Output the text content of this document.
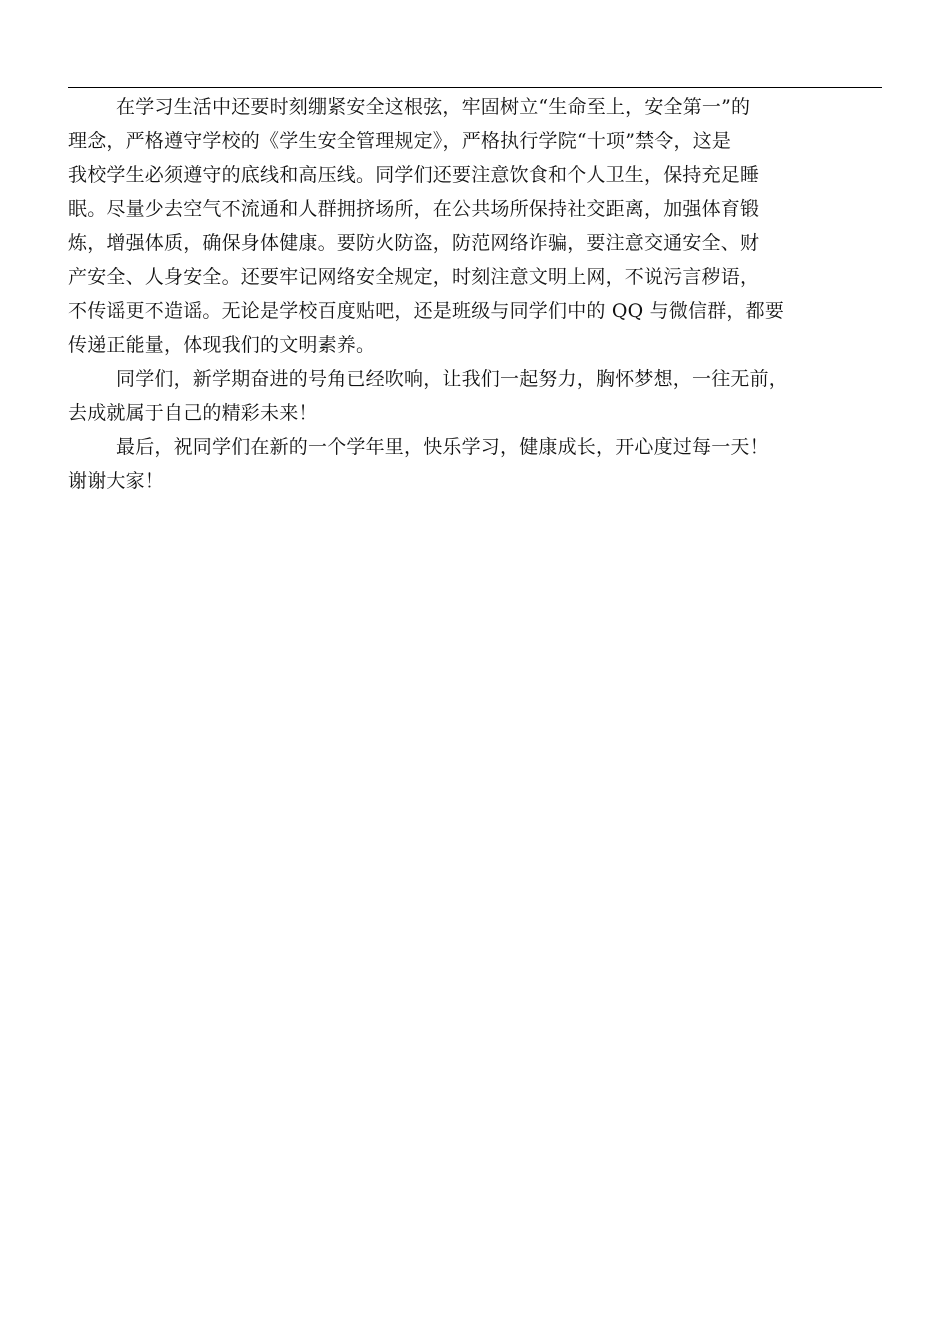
在学习生活中还要时刻绷紧安全这根弦，牢固树立“生命至上，安全第一”的
理念，严格遵守学校的《学生安全管理规定》，严格执行学院“十项”禁令，这是
我校学生必须遵守的底线和高压线。同学们还要注意饮食和个人卫生，保持充足睡
眠。尽量少去空气不流通和人群拥挤场所，在公共场所保持社交距离，加强体育锻
炼，增强体质，确保身体健康。要防火防盗，防范网络诈骗，要注意交通安全、财
产安全、人身安全。还要牢记网络安全规定，时刻注意文明上网，不说污言秽语，
不传谣更不造谣。无论是学校百度贴吧，还是班级与同学们中的 QQ 与微信群，都要
传递正能量，体现我们的文明素养。
同学们，新学期奋进的号角已经吹响，让我们一起努力，胸怀梦想，一往无前，
去成就属于自己的精彩未来！
最后，祝同学们在新的一个学年里，快乐学习，健康成长，开心度过每一天！
谢谢大家！
